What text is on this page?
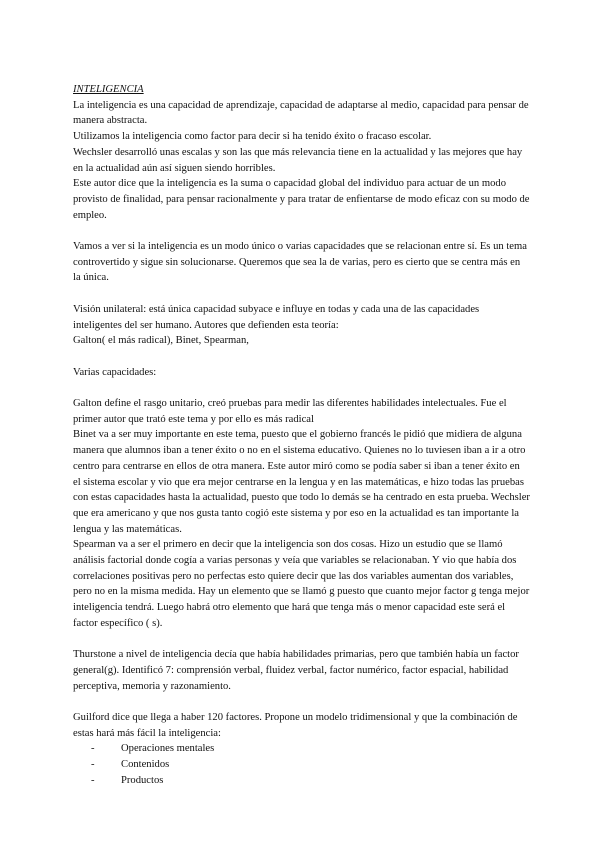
INTELIGENCIA

La inteligencia es una capacidad de aprendizaje, capacidad de adaptarse al medio, capacidad para pensar de manera abstracta.

Utilizamos la inteligencia como factor para decir si ha tenido éxito o fracaso escolar.

Wechsler desarrolló unas escalas y son las que más relevancia tiene en la actualidad y las mejores que hay en la actualidad aún así siguen siendo horribles.

Este autor dice que la inteligencia es la suma o capacidad global del individuo para actuar de un modo provisto de finalidad, para pensar racionalmente y para tratar de enfientarse de modo eficaz con su modo de empleo.

Vamos a ver si la inteligencia es un modo único o varias capacidades que se relacionan entre sí. Es un tema controvertido y sigue sin solucionarse. Queremos que sea la de varias, pero es cierto que se centra más en la única.

Visión unilateral: está única capacidad subyace e influye en todas y cada una de las capacidades inteligentes del ser humano. Autores que defienden esta teoría:

Galton( el más radical), Binet, Spearman,

Varias capacidades:

Galton define el rasgo unitario, creó pruebas para medir las diferentes habilidades intelectuales. Fue el primer autor que trató este tema y por ello es más radical

Binet va a ser muy importante en este tema, puesto que el gobierno francés le pidió que midiera de alguna manera que alumnos iban a tener éxito o no en el sistema educativo. Quienes no lo tuviesen iban a ir a otro centro para centrarse en ellos de otra manera. Este autor miró como se podía saber si iban a tener éxito en el sistema escolar y vio que era mejor centrarse en la lengua y en las matemáticas, e hizo todas las pruebas con estas capacidades hasta la actualidad, puesto que todo lo demás se ha centrado en esta prueba. Wechsler que era americano y que nos gusta tanto cogió este sistema y por eso en la actualidad es tan importante la lengua y las matemáticas.

Spearman va a ser el primero en decir que la inteligencia son dos cosas. Hizo un estudio que se llamó análisis factorial donde cogía a varias personas y veía que variables se relacionaban. Y vio que había dos correlaciones positivas pero no perfectas esto quiere decir que las dos variables aumentan dos variables, pero no en la misma medida. Hay un elemento que se llamó g puesto que cuanto mejor factor g tenga mejor inteligencia tendrá. Luego habrá otro elemento que hará que tenga más o menor capacidad este será el factor específico ( s).

Thurstone a nivel de inteligencia decía que había habilidades primarias, pero que también había un factor general(g). Identificó 7: comprensión verbal, fluidez verbal, factor numérico, factor espacial, habilidad perceptiva, memoria y razonamiento.

Guilford dice que llega a haber 120 factores. Propone un modelo tridimensional y que la combinación de estas hará más fácil la inteligencia:

- Operaciones mentales
- Contenidos
- Productos
